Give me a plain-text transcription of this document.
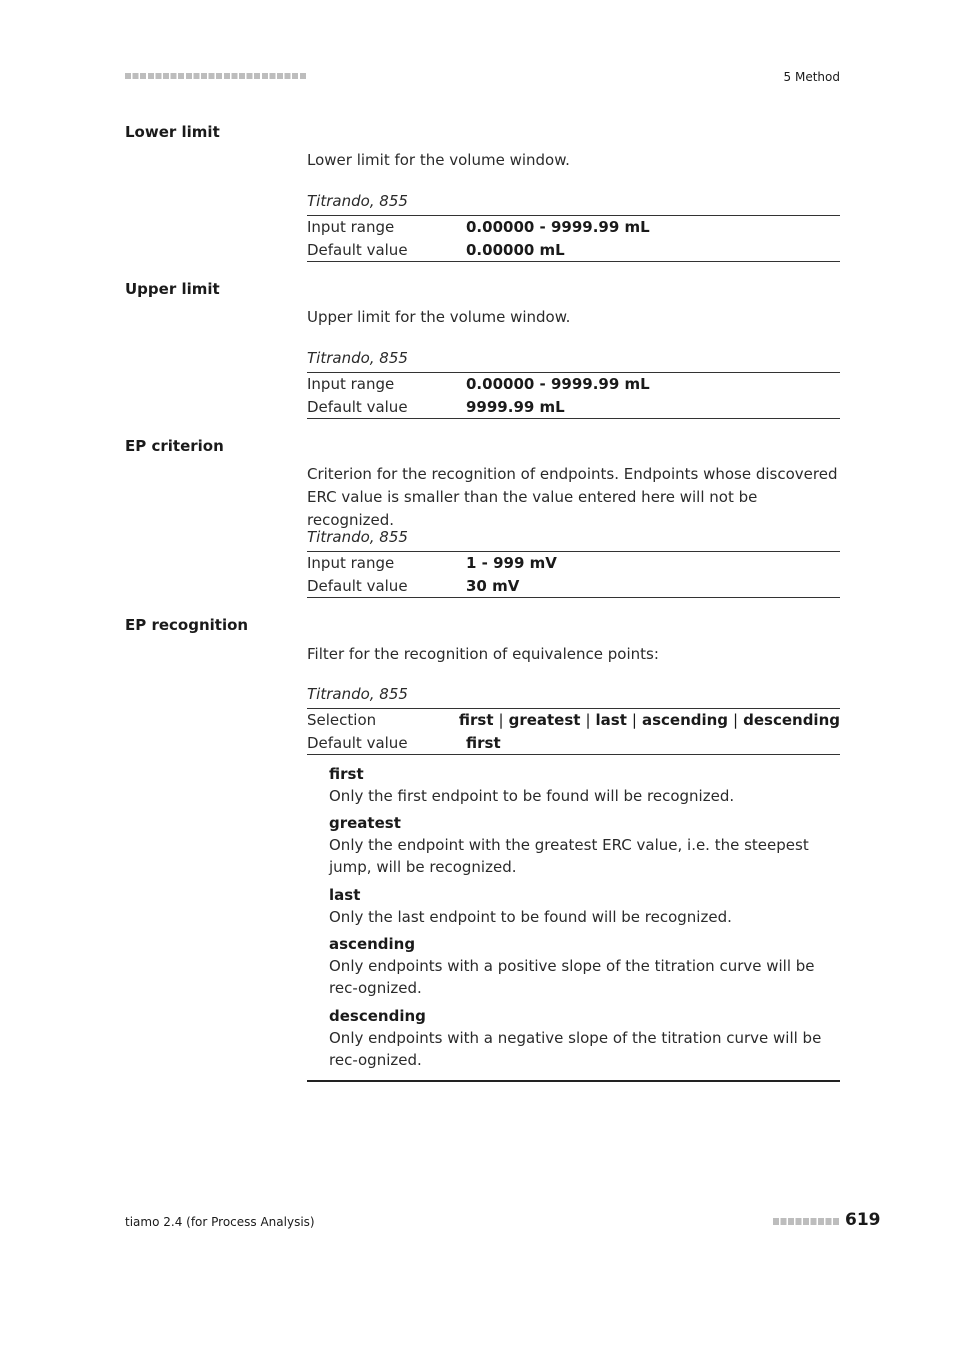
5 Method
Lower limit
Lower limit for the volume window.
Titrando, 855
Input range	0.00000 - 9999.99 mL
Default value	0.00000 mL
Upper limit
Upper limit for the volume window.
Titrando, 855
Input range	0.00000 - 9999.99 mL
Default value	9999.99 mL
EP criterion
Criterion for the recognition of endpoints. Endpoints whose discovered ERC value is smaller than the value entered here will not be recognized.
Titrando, 855
Input range	1 - 999 mV
Default value	30 mV
EP recognition
Filter for the recognition of equivalence points:
Titrando, 855
Selection	first | greatest | last | ascending | descending
Default value	first
first
Only the first endpoint to be found will be recognized.
greatest
Only the endpoint with the greatest ERC value, i.e. the steepest jump, will be recognized.
last
Only the last endpoint to be found will be recognized.
ascending
Only endpoints with a positive slope of the titration curve will be rec-ognized.
descending
Only endpoints with a negative slope of the titration curve will be rec-ognized.
tiamo 2.4 (for Process Analysis)	619
